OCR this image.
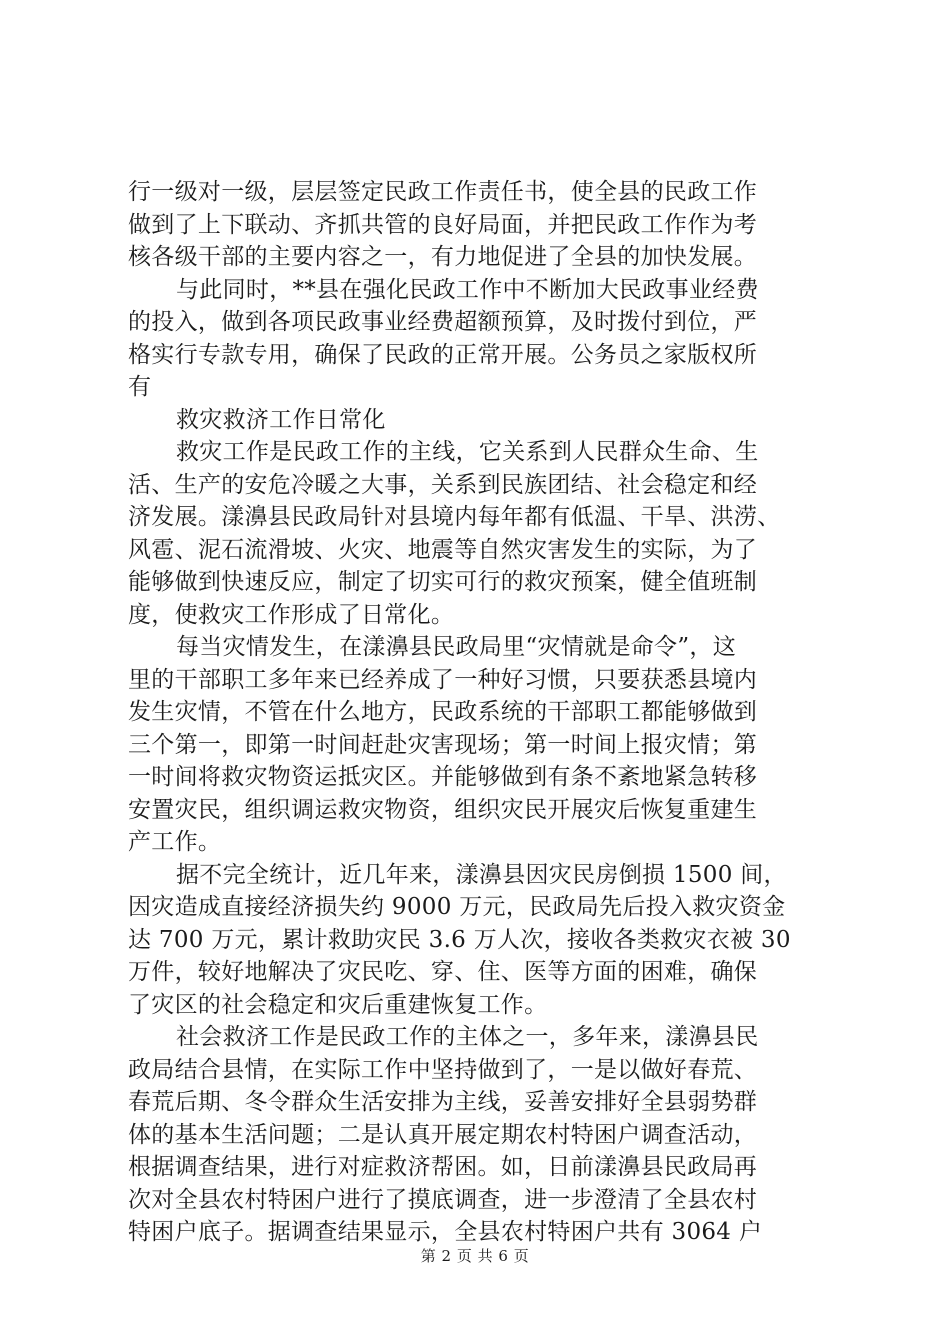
行一级对一级，层层签定民政工作责任书，使全县的民政工作
做到了上下联动、齐抓共管的良好局面，并把民政工作作为考
核各级干部的主要内容之一，有力地促进了全县的加快发展。
与此同时，**县在强化民政工作中不断加大民政事业经费
的投入，做到各项民政事业经费超额预算，及时拨付到位，严
格实行专款专用，确保了民政的正常开展。公务员之家版权所
有
救灾救济工作日常化
救灾工作是民政工作的主线，它关系到人民群众生命、生
活、生产的安危冷暖之大事，关系到民族团结、社会稳定和经
济发展。漾濞县民政局针对县境内每年都有低温、干旱、洪涝、
风雹、泥石流滑坡、火灾、地震等自然灾害发生的实际，为了
能够做到快速反应，制定了切实可行的救灾预案，健全值班制
度，使救灾工作形成了日常化。
每当灾情发生，在漾濞县民政局里“灾情就是命令”，这
里的干部职工多年来已经养成了一种好习惯，只要获悉县境内
发生灾情，不管在什么地方，民政系统的干部职工都能够做到
三个第一，即第一时间赶赴灾害现场；第一时间上报灾情；第
一时间将救灾物资运抵灾区。并能够做到有条不紊地紧急转移
安置灾民，组织调运救灾物资，组织灾民开展灾后恢复重建生
产工作。
据不完全统计，近几年来，漾濞县因灾民房倒损 1500 间，
因灾造成直接经济损失约 9000 万元，民政局先后投入救灾资金
达 700 万元，累计救助灾民 3.6 万人次，接收各类救灾衣被 30
万件，较好地解决了灾民吃、穿、住、医等方面的困难，确保
了灾区的社会稳定和灾后重建恢复工作。
社会救济工作是民政工作的主体之一，多年来，漾濞县民
政局结合县情，在实际工作中坚持做到了，一是以做好春荒、
春荒后期、冬令群众生活安排为主线，妥善安排好全县弱势群
体的基本生活问题；二是认真开展定期农村特困户调查活动，
根据调查结果，进行对症救济帮困。如，日前漾濞县民政局再
次对全县农村特困户进行了摸底调查，进一步澄清了全县农村
特困户底子。据调查结果显示，全县农村特困户共有 3064 户
第 2 页 共 6 页
